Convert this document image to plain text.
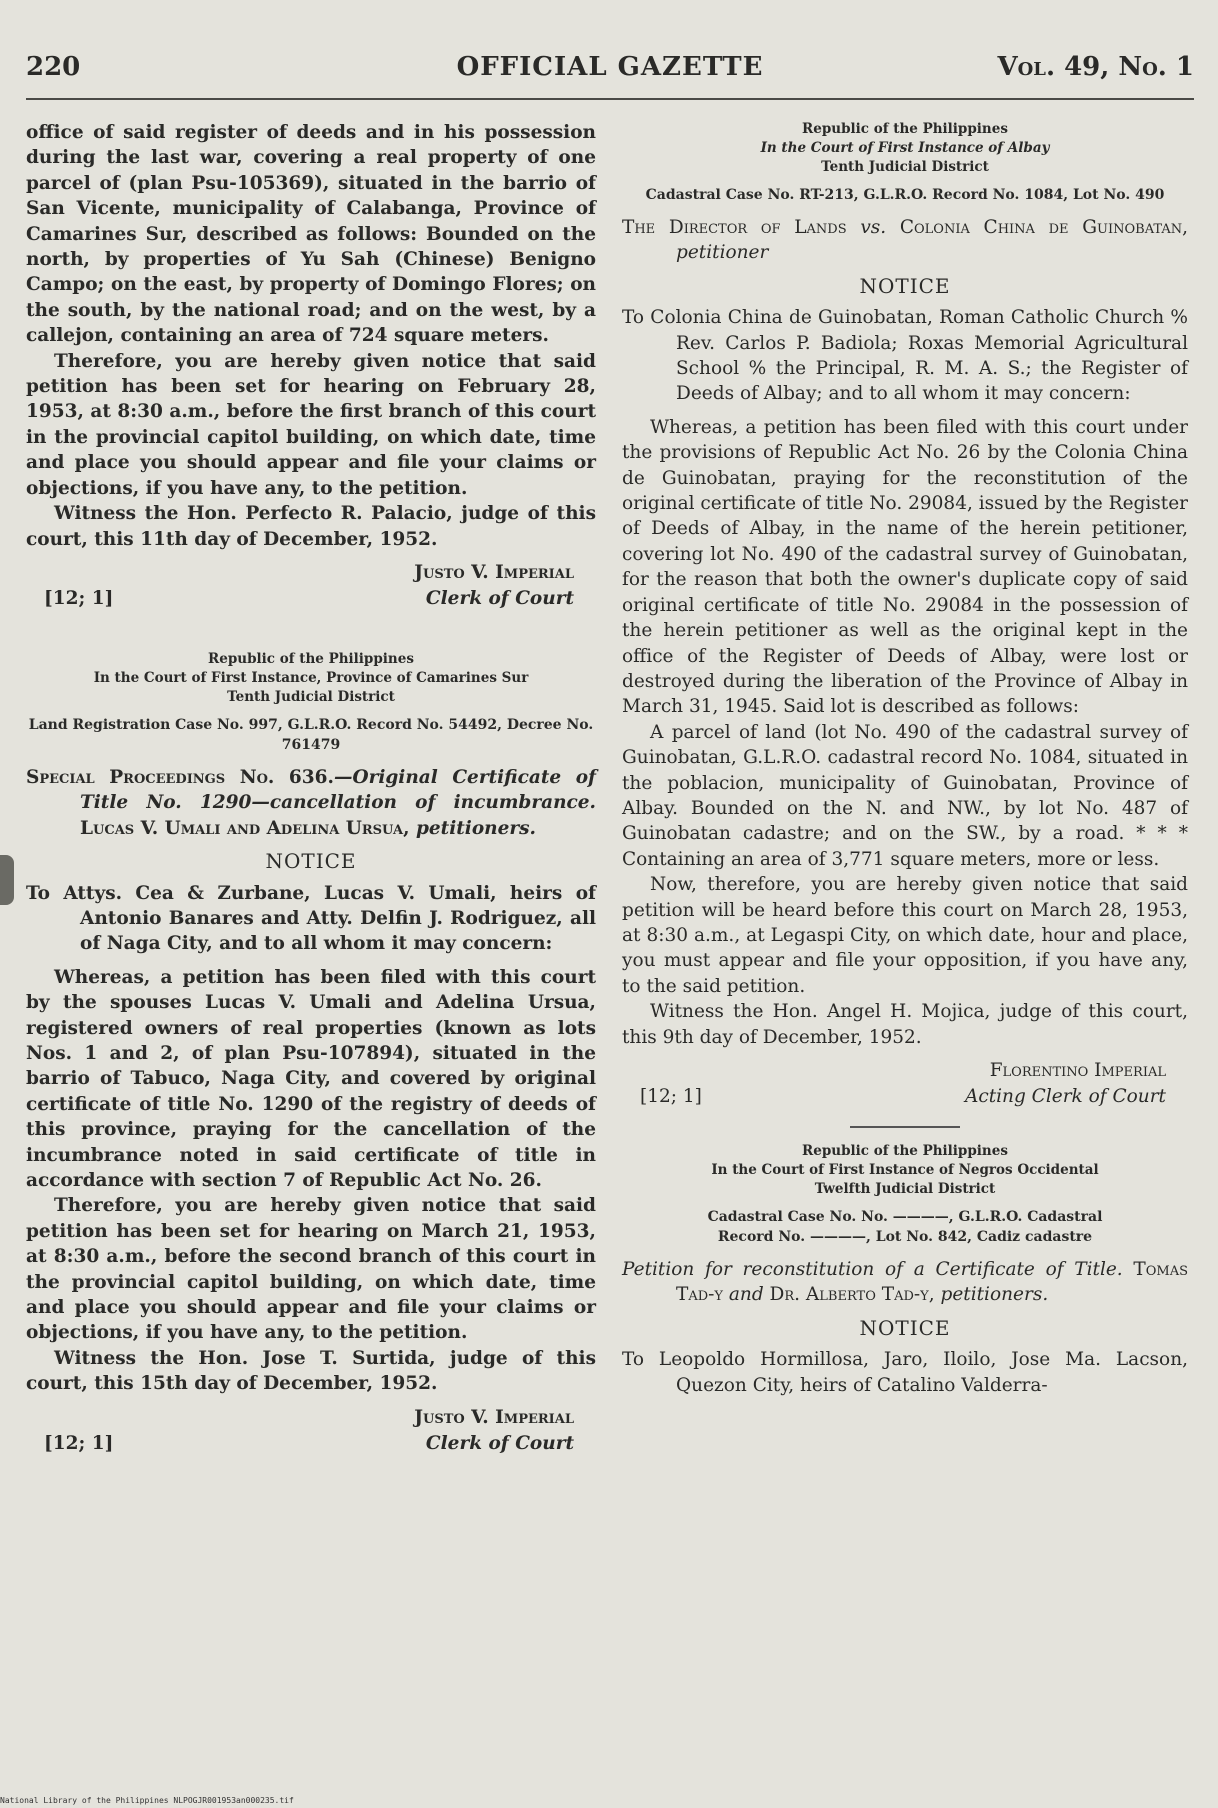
220	OFFICIAL GAZETTE	Vol. 49, No. 1

office of said register of deeds and in his possession during the last war, covering a real property of one parcel of (plan Psu-105369), situated in the barrio of San Vicente, municipality of Calabanga, Province of Camarines Sur, described as follows: Bounded on the north, by properties of Yu Sah (Chinese) Benigno Campo; on the east, by property of Domingo Flores; on the south, by the national road; and on the west, by a callejon, containing an area of 724 square meters.

Therefore, you are hereby given notice that said petition has been set for hearing on February 28, 1953, at 8:30 a.m., before the first branch of this court in the provincial capitol building, on which date, time and place you should appear and file your claims or objections, if you have any, to the petition.

Witness the Hon. Perfecto R. Palacio, judge of this court, this 11th day of December, 1952.

Justo V. Imperial
[12; 1]	Clerk of Court
Republic of the Philippines
In the Court of First Instance, Province of Camarines Sur
Tenth Judicial District
Land Registration Case No. 997, G.L.R.O. Record No. 54492, Decree No. 761479

Special Proceedings No. 636.—Original Certificate of Title No. 1290—cancellation of incumbrance. Lucas V. Umali and Adelina Ursua, petitioners.

NOTICE

To Attys. Cea & Zurbane, Lucas V. Umali, heirs of Antonio Banares and Atty. Delfin J. Rodriguez, all of Naga City, and to all whom it may concern:

Whereas, a petition has been filed with this court by the spouses Lucas V. Umali and Adelina Ursua, registered owners of real properties (known as lots Nos. 1 and 2, of plan Psu-107894), situated in the barrio of Tabuco, Naga City, and covered by original certificate of title No. 1290 of the registry of deeds of this province, praying for the cancellation of the incumbrance noted in said certificate of title in accordance with section 7 of Republic Act No. 26.

Therefore, you are hereby given notice that said petition has been set for hearing on March 21, 1953, at 8:30 a.m., before the second branch of this court in the provincial capitol building, on which date, time and place you should appear and file your claims or objections, if you have any, to the petition.

Witness the Hon. Jose T. Surtida, judge of this court, this 15th day of December, 1952.

Justo V. Imperial
[12; 1]	Clerk of Court
Republic of the Philippines
In the Court of First Instance of Albay
Tenth Judicial District
Cadastral Case No. RT-213, G.L.R.O. Record No. 1084, Lot No. 490

The Director of Lands vs. Colonia China de Guinobatan, petitioner

NOTICE

To Colonia China de Guinobatan, Roman Catholic Church % Rev. Carlos P. Badiola; Roxas Memorial Agricultural School % the Principal, R. M. A. S.; the Register of Deeds of Albay; and to all whom it may concern:

Whereas, a petition has been filed with this court under the provisions of Republic Act No. 26 by the Colonia China de Guinobatan, praying for the reconstitution of the original certificate of title No. 29084, issued by the Register of Deeds of Albay, in the name of the herein petitioner, covering lot No. 490 of the cadastral survey of Guinobatan, for the reason that both the owner's duplicate copy of said original certificate of title No. 29084 in the possession of the herein petitioner as well as the original kept in the office of the Register of Deeds of Albay, were lost or destroyed during the liberation of the Province of Albay in March 31, 1945. Said lot is described as follows:

A parcel of land (lot No. 490 of the cadastral survey of Guinobatan, G.L.R.O. cadastral record No. 1084, situated in the poblacion, municipality of Guinobatan, Province of Albay. Bounded on the N. and NW., by lot No. 487 of Guinobatan cadastre; and on the SW., by a road. * * * Containing an area of 3,771 square meters, more or less.

Now, therefore, you are hereby given notice that said petition will be heard before this court on March 28, 1953, at 8:30 a.m., at Legaspi City, on which date, hour and place, you must appear and file your opposition, if you have any, to the said petition.

Witness the Hon. Angel H. Mojica, judge of this court, this 9th day of December, 1952.

Florentino Imperial
[12; 1]	Acting Clerk of Court
Republic of the Philippines
In the Court of First Instance of Negros Occidental
Twelfth Judicial District
Cadastral Case No. No. ————, G.L.R.O. Cadastral
Record No. ————, Lot No. 842, Cadiz cadastre

Petition for reconstitution of a Certificate of Title. Tomas Tad-y and Dr. Alberto Tad-y, petitioners.

NOTICE

To Leopoldo Hormillosa, Jaro, Iloilo, Jose Ma. Lacson, Quezon City, heirs of Catalino Valderra-

National Library of the Philippines NLPOGJR001953an000235.tif
